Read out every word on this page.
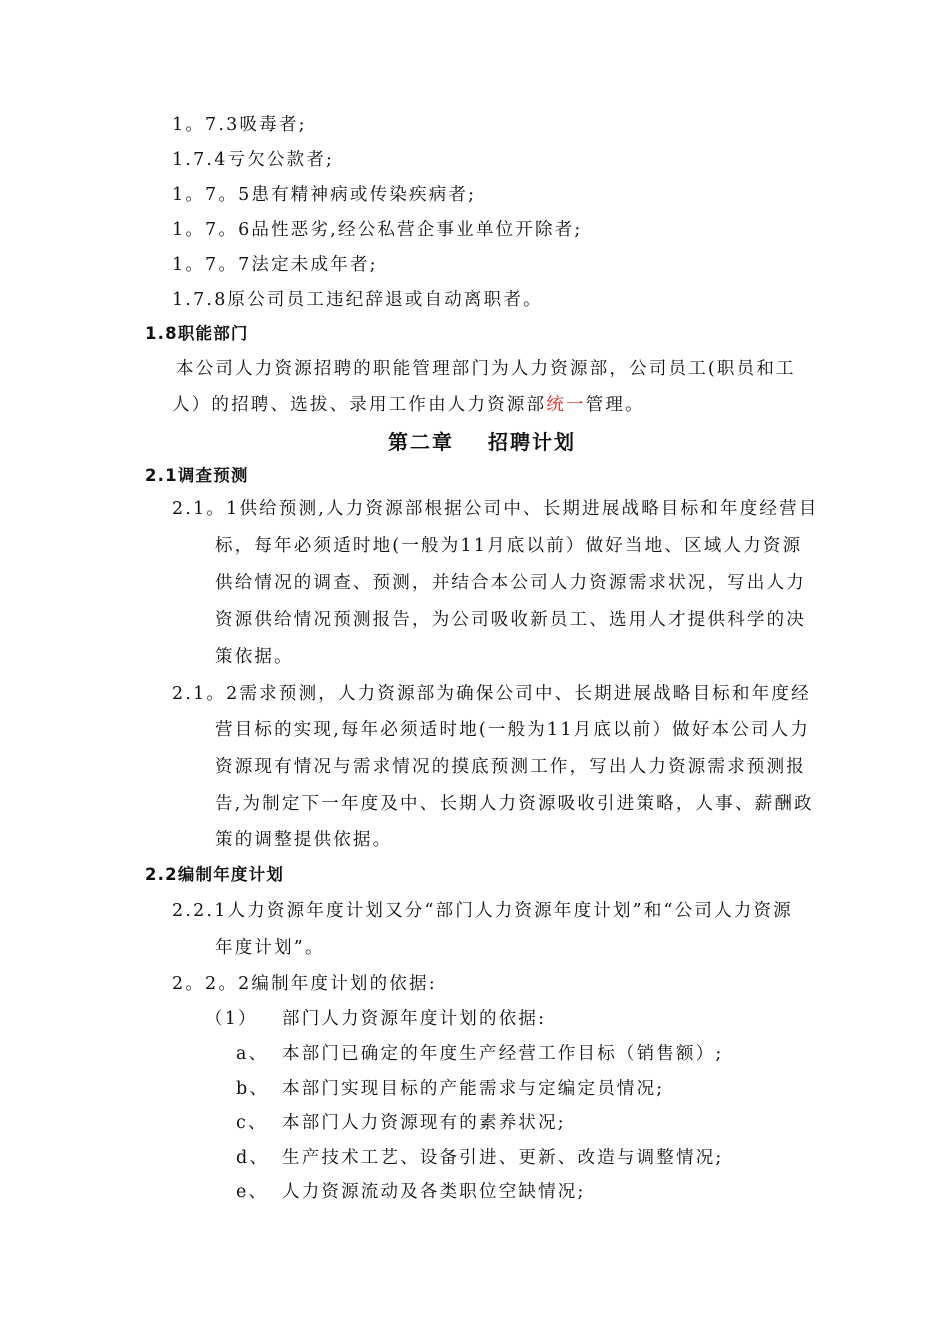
1。7.3吸毒者;
1.7.4亏欠公款者;
1。7。5患有精神病或传染疾病者;
1。7。6品性恶劣,经公私营企事业单位开除者;
1。7。7法定未成年者;
1.7.8原公司员工违纪辞退或自动离职者。
1.8职能部门
本公司人力资源招聘的职能管理部门为人力资源部，公司员工(职员和工
人）的招聘、选拔、录用工作由人力资源部统一管理。
第二章 招聘计划
2.1调查预测
2.1。1供给预测,人力资源部根据公司中、长期进展战略目标和年度经营目
标，每年必须适时地(一般为11月底以前）做好当地、区域人力资源
供给情况的调查、预测，并结合本公司人力资源需求状况，写出人力
资源供给情况预测报告，为公司吸收新员工、选用人才提供科学的决
策依据。
2.1。2需求预测，人力资源部为确保公司中、长期进展战略目标和年度经
营目标的实现,每年必须适时地(一般为11月底以前）做好本公司人力
资源现有情况与需求情况的摸底预测工作，写出人力资源需求预测报
告,为制定下一年度及中、长期人力资源吸收引进策略，人事、薪酬政
策的调整提供依据。
2.2编制年度计划
2.2.1人力资源年度计划又分“部门人力资源年度计划”和“公司人力资源
年度计划”。
2。2。2编制年度计划的依据:
（1） 部门人力资源年度计划的依据:
a、 本部门已确定的年度生产经营工作目标（销售额）;
b、 本部门实现目标的产能需求与定编定员情况;
c、 本部门人力资源现有的素养状况;
d、 生产技术工艺、设备引进、更新、改造与调整情况;
e、 人力资源流动及各类职位空缺情况;
